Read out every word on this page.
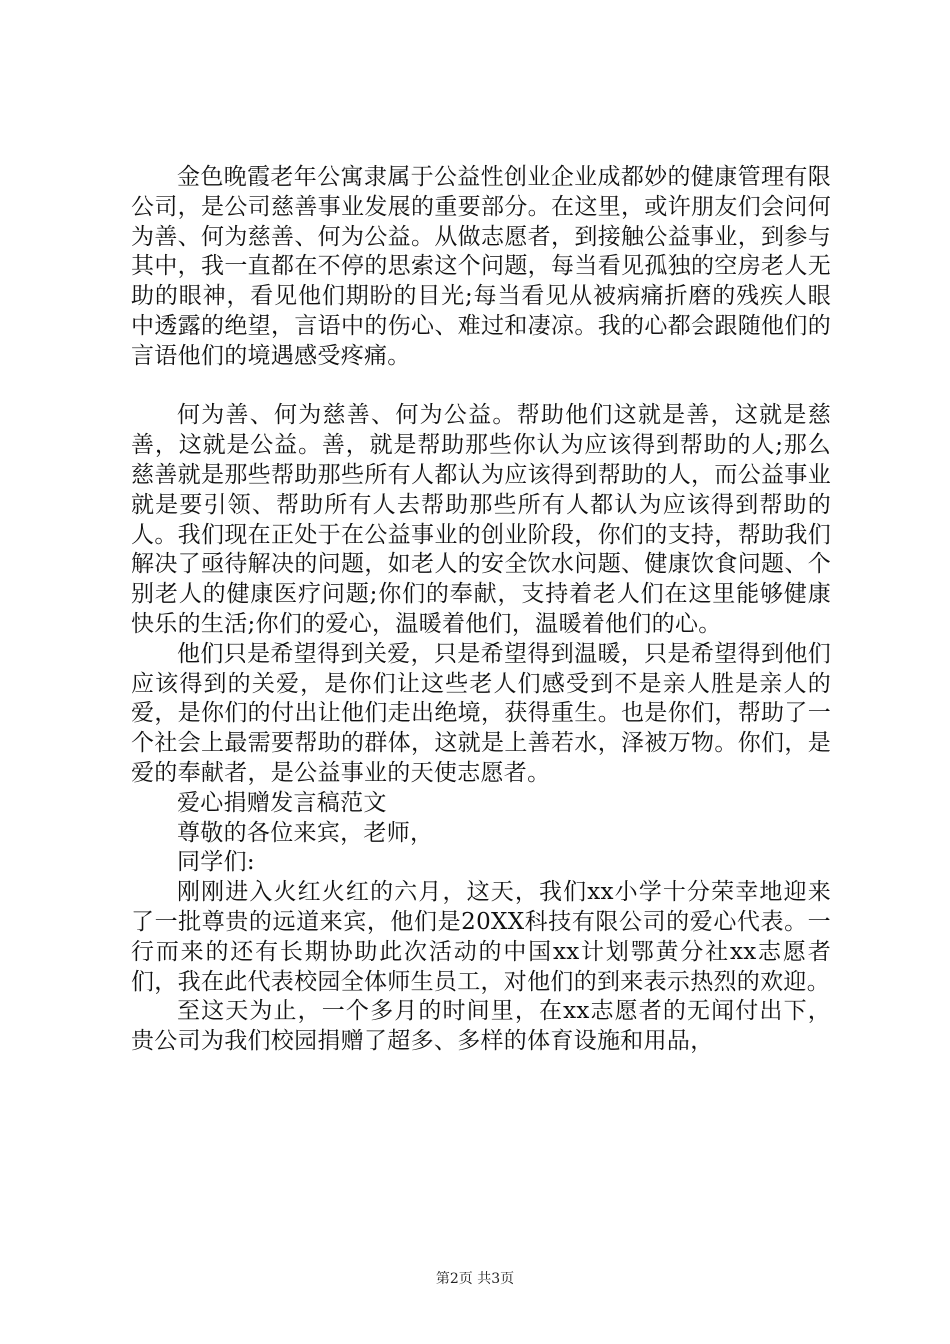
金色晚霞老年公寓隶属于公益性创业企业成都妙的健康管理有限公司，是公司慈善事业发展的重要部分。在这里，或许朋友们会问何为善、何为慈善、何为公益。从做志愿者，到接触公益事业，到参与其中，我一直都在不停的思索这个问题，每当看见孤独的空房老人无助的眼神，看见他们期盼的目光;每当看见从被病痛折磨的残疾人眼中透露的绝望，言语中的伤心、难过和凄凉。我的心都会跟随他们的言语他们的境遇感受疼痛。

何为善、何为慈善、何为公益。帮助他们这就是善，这就是慈善，这就是公益。善，就是帮助那些你认为应该得到帮助的人;那么慈善就是那些帮助那些所有人都认为应该得到帮助的人，而公益事业就是要引领、帮助所有人去帮助那些所有人都认为应该得到帮助的人。我们现在正处于在公益事业的创业阶段，你们的支持，帮助我们解决了亟待解决的问题，如老人的安全饮水问题、健康饮食问题、个别老人的健康医疗问题;你们的奉献，支持着老人们在这里能够健康快乐的生活;你们的爱心，温暖着他们，温暖着他们的心。

他们只是希望得到关爱，只是希望得到温暖，只是希望得到他们应该得到的关爱，是你们让这些老人们感受到不是亲人胜是亲人的爱，是你们的付出让他们走出绝境，获得重生。也是你们，帮助了一个社会上最需要帮助的群体，这就是上善若水，泽被万物。你们，是爱的奉献者，是公益事业的天使志愿者。

爱心捐赠发言稿范文

尊敬的各位来宾，老师，

同学们:

刚刚进入火红火红的六月，这天，我们xx小学十分荣幸地迎来了一批尊贵的远道来宾，他们是20XX科技有限公司的爱心代表。一行而来的还有长期协助此次活动的中国xx计划鄂黄分社xx志愿者们，我在此代表校园全体师生员工，对他们的到来表示热烈的欢迎。

至这天为止，一个多月的时间里，在xx志愿者的无闻付出下，贵公司为我们校园捐赠了超多、多样的体育设施和用品，

第2页 共3页
